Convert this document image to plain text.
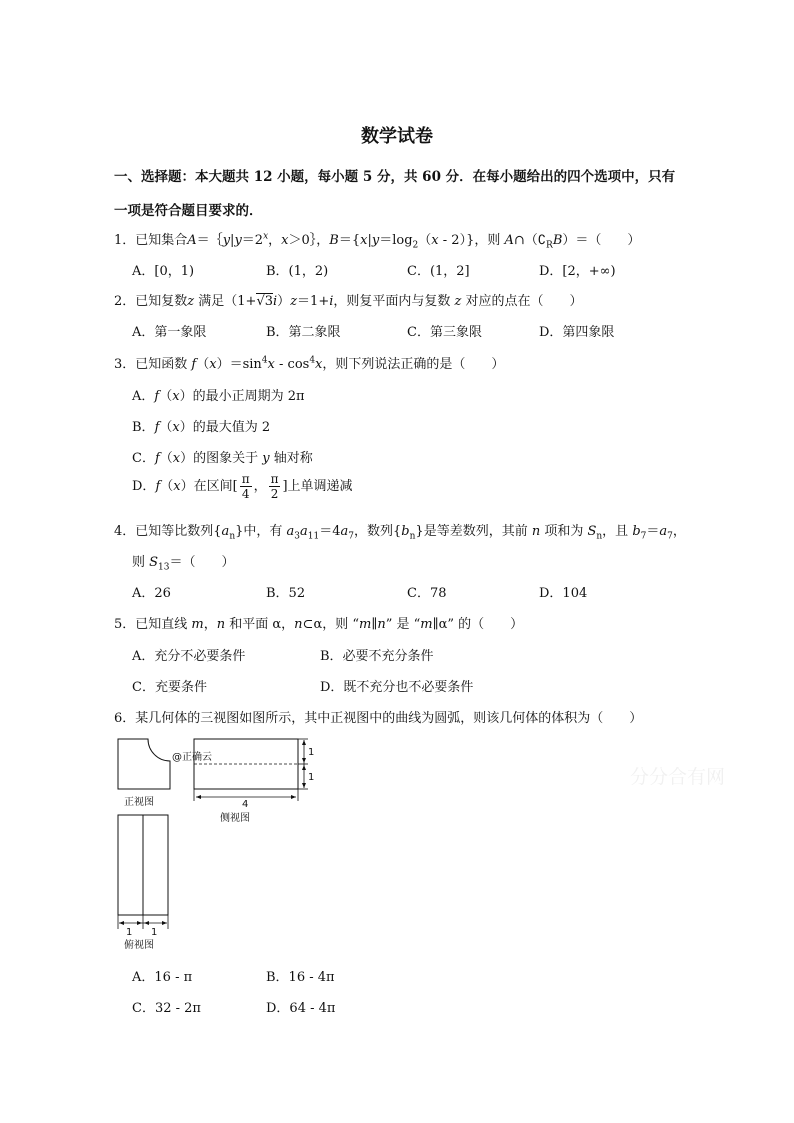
数学试卷
一、选择题：本大题共 12 小题，每小题 5 分，共 60 分．在每小题给出的四个选项中，只有
一项是符合题目要求的．
1．已知集合$A=\{y|y=2^x$，x＞0｝，$B=\{x|y=\log_2(x - 2)\}$，则 $A\cap(∁_RB)=$（　　）
A．[0，1)	B．(1，2)	C．(1，2]	D．[2，+∞)
2．已知复数z 满足（1+√3i）z＝1+i，则复平面内与复数 z 对应的点在（　　）
A．第一象限	B．第二象限	C．第三象限	D．第四象限
3．已知函数 $f(x)=\sin^4x - \cos^4x$，则下列说法正确的是（　　）
A．f（x）的最小正周期为 2π
B．f（x）的最大值为 2
C．f（x）的图象关于 y 轴对称
D．f（x）在区间[ $\frac{\pi}{4}$ ， $\frac{\pi}{2}$ ]上单调递减
4．已知等比数列$\{a_n\}$中，有 $a_3a_{11}=4a_7$，数列$\{b_n\}$是等差数列，其前 n 项和为 $S_n$，且 $b_7=a_7$，
则 $S_{13}=$（　　）
A．26	B．52	C．78	D．104
5．已知直线 m，n 和平面 α，n⊂α，则 “m∥n” 是 “m∥α” 的（　　）
A．充分不必要条件	B．必要不充分条件
C．充要条件	D．既不充分也不必要条件
6．某几何体的三视图如图所示，其中正视图中的曲线为圆弧，则该几何体的体积为（　　）
正视图
@正确云
4
侧视图
1
1
1 1
俯视图
分分合有网
A．16 - π	B．16 - 4π
C．32 - 2π	D．64 - 4π
